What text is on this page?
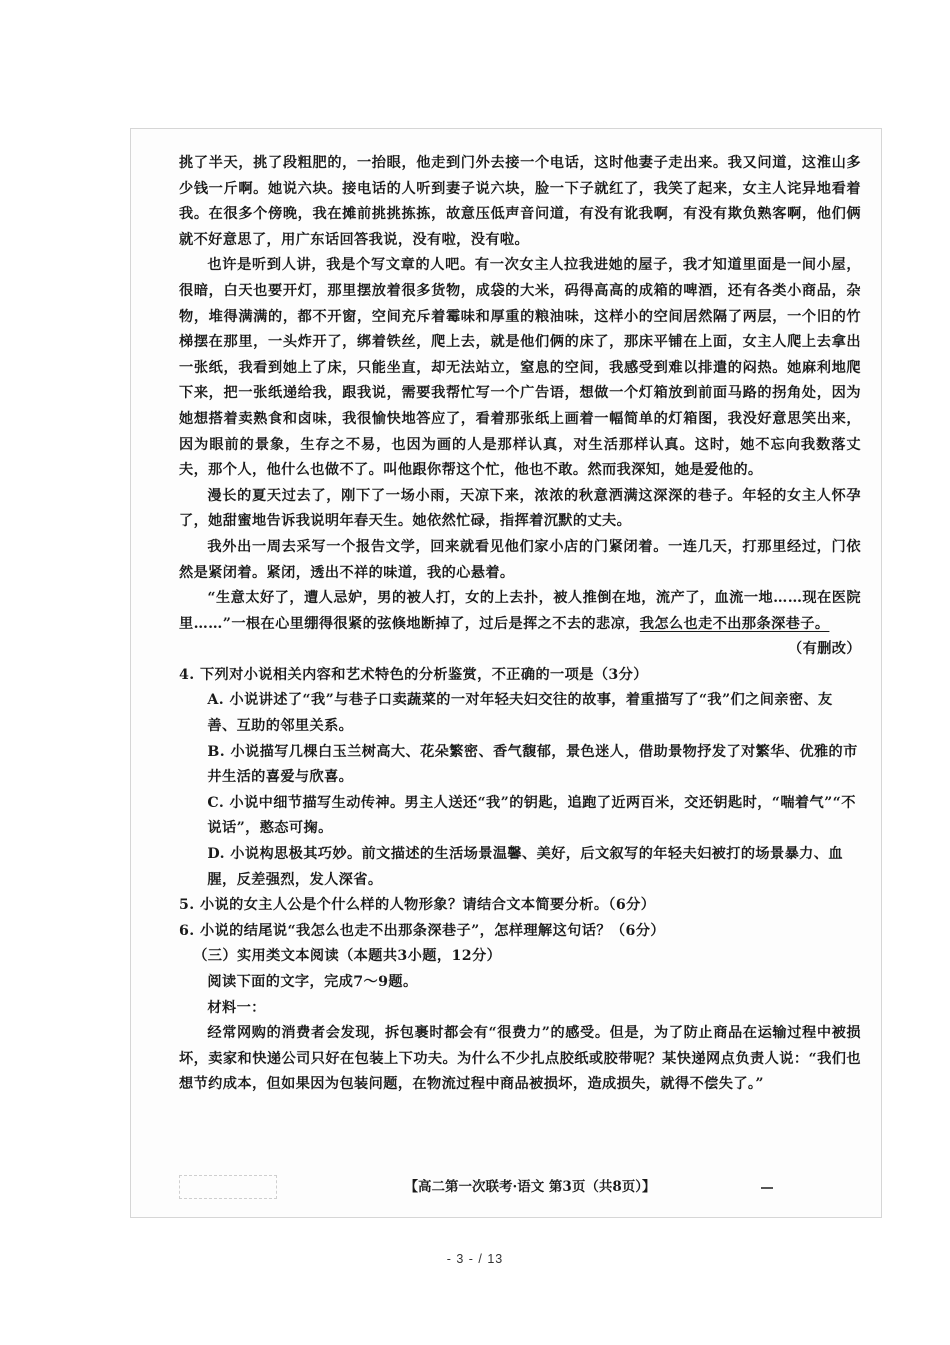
挑了半天，挑了段粗肥的，一抬眼，他走到门外去接一个电话，这时他妻子走出来。我又问道，这淮山多少钱一斤啊。她说六块。接电话的人听到妻子说六块，脸一下子就红了，我笑了起来，女主人诧异地看着我。在很多个傍晚，我在摊前挑挑拣拣，故意压低声音问道，有没有讹我啊，有没有欺负熟客啊，他们俩就不好意思了，用广东话回答我说，没有啦，没有啦。

也许是听到人讲，我是个写文章的人吧。有一次女主人拉我进她的屋子，我才知道里面是一间小屋，很暗，白天也要开灯，那里摆放着很多货物，成袋的大米，码得高高的成箱的啤酒，还有各类小商品，杂物，堆得满满的，都不开窗，空间充斥着霉味和厚重的粮油味，这样小的空间居然隔了两层，一个旧的竹梯摆在那里，一头炸开了，绑着铁丝，爬上去，就是他们俩的床了，那床平铺在上面，女主人爬上去拿出一张纸，我看到她上了床，只能坐直，却无法站立，窒息的空间，我感受到难以排遣的闷热。她麻利地爬下来，把一张纸递给我，跟我说，需要我帮忙写一个广告语，想做一个灯箱放到前面马路的拐角处，因为她想搭着卖熟食和卤味，我很愉快地答应了，看着那张纸上画着一幅简单的灯箱图，我没好意思笑出来，因为眼前的景象，生存之不易，也因为画的人是那样认真，对生活那样认真。这时，她不忘向我数落丈夫，那个人，他什么也做不了。叫他跟你帮这个忙，他也不敢。然而我深知，她是爱他的。

漫长的夏天过去了，刚下了一场小雨，天凉下来，浓浓的秋意洒满这深深的巷子。年轻的女主人怀孕了，她甜蜜地告诉我说明年春天生。她依然忙碌，指挥着沉默的丈夫。

我外出一周去采写一个报告文学，回来就看见他们家小店的门紧闭着。一连几天，打那里经过，门依然是紧闭着。紧闭，透出不祥的味道，我的心悬着。

“生意太好了，遭人忌妒，男的被人打，女的上去扑，被人推倒在地，流产了，血流一地……现在医院里……”一根在心里绷得很紧的弦倏地断掉了，过后是挥之不去的悲凉，我怎么也走不出那条深巷子。

（有删改）

4. 下列对小说相关内容和艺术特色的分析鉴赏，不正确的一项是（3分）

A. 小说讲述了“我”与巷子口卖蔬菜的一对年轻夫妇交往的故事，着重描写了“我”们之间亲密、友善、互助的邻里关系。

B. 小说描写几棵白玉兰树高大、花朵繁密、香气馥郁，景色迷人，借助景物抒发了对繁华、优雅的市井生活的喜爱与欣喜。

C. 小说中细节描写生动传神。男主人送还“我”的钥匙，追跑了近两百米，交还钥匙时，“喘着气”“不说话”，憨态可掬。

D. 小说构思极其巧妙。前文描述的生活场景温馨、美好，后文叙写的年轻夫妇被打的场景暴力、血腥，反差强烈，发人深省。

5. 小说的女主人公是个什么样的人物形象？请结合文本简要分析。（6分）

6. 小说的结尾说“我怎么也走不出那条深巷子”，怎样理解这句话？（6分）

（三）实用类文本阅读（本题共3小题，12分）

阅读下面的文字，完成7～9题。

材料一：

经常网购的消费者会发现，拆包裹时都会有“很费力”的感受。但是，为了防止商品在运输过程中被损坏，卖家和快递公司只好在包装上下功夫。为什么不少扎点胶纸或胶带呢？某快递网点负责人说：“我们也想节约成本，但如果因为包装问题，在物流过程中商品被损坏，造成损失，就得不偿失了。”

【高二第一次联考·语文 第3页（共8页）】
- 3 - / 13
